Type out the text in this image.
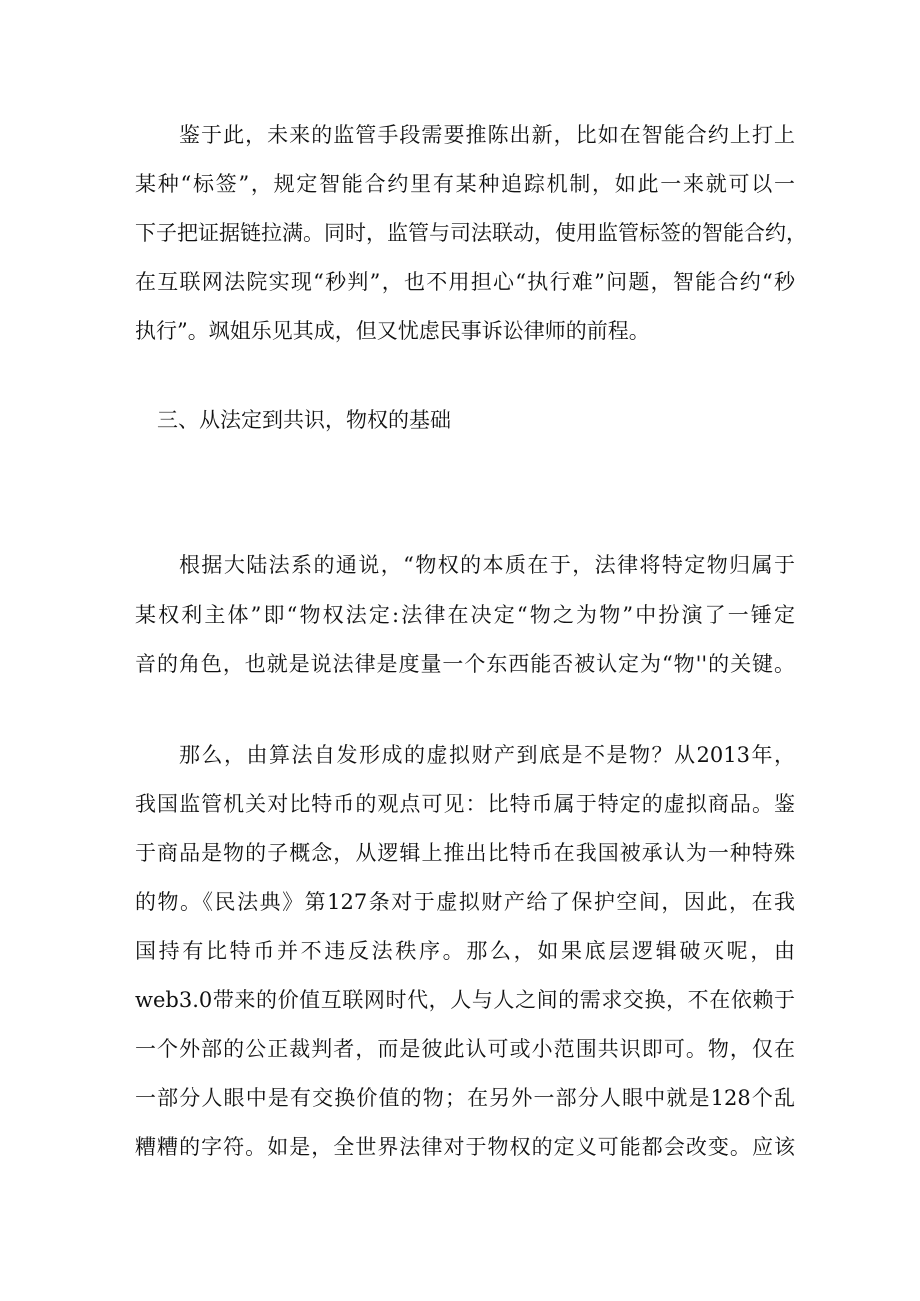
鉴于此，未来的监管手段需要推陈出新，比如在智能合约上打上
某种“标签”，规定智能合约里有某种追踪机制，如此一来就可以一
下子把证据链拉满。同时，监管与司法联动，使用监管标签的智能合约，
在互联网法院实现“秒判”，也不用担心“执行难”问题，智能合约“秒
执行”。飒姐乐见其成，但又忧虑民事诉讼律师的前程。
三、从法定到共识，物权的基础
根据大陆法系的通说，“物权的本质在于，法律将特定物归属于
某权利主体”即“物权法定:法律在决定“物之为物”中扮演了一锤定
音的角色，也就是说法律是度量一个东西能否被认定为“物''的关键。
那么，由算法自发形成的虚拟财产到底是不是物？从2013年，
我国监管机关对比特币的观点可见：比特币属于特定的虚拟商品。鉴
于商品是物的子概念，从逻辑上推出比特币在我国被承认为一种特殊
的物。《民法典》第127条对于虚拟财产给了保护空间，因此，在我
国持有比特币并不违反法秩序。那么，如果底层逻辑破灭呢，由
web3.0带来的价值互联网时代，人与人之间的需求交换，不在依赖于
一个外部的公正裁判者，而是彼此认可或小范围共识即可。物，仅在
一部分人眼中是有交换价值的物；在另外一部分人眼中就是128个乱
糟糟的字符。如是，全世界法律对于物权的定义可能都会改变。应该
